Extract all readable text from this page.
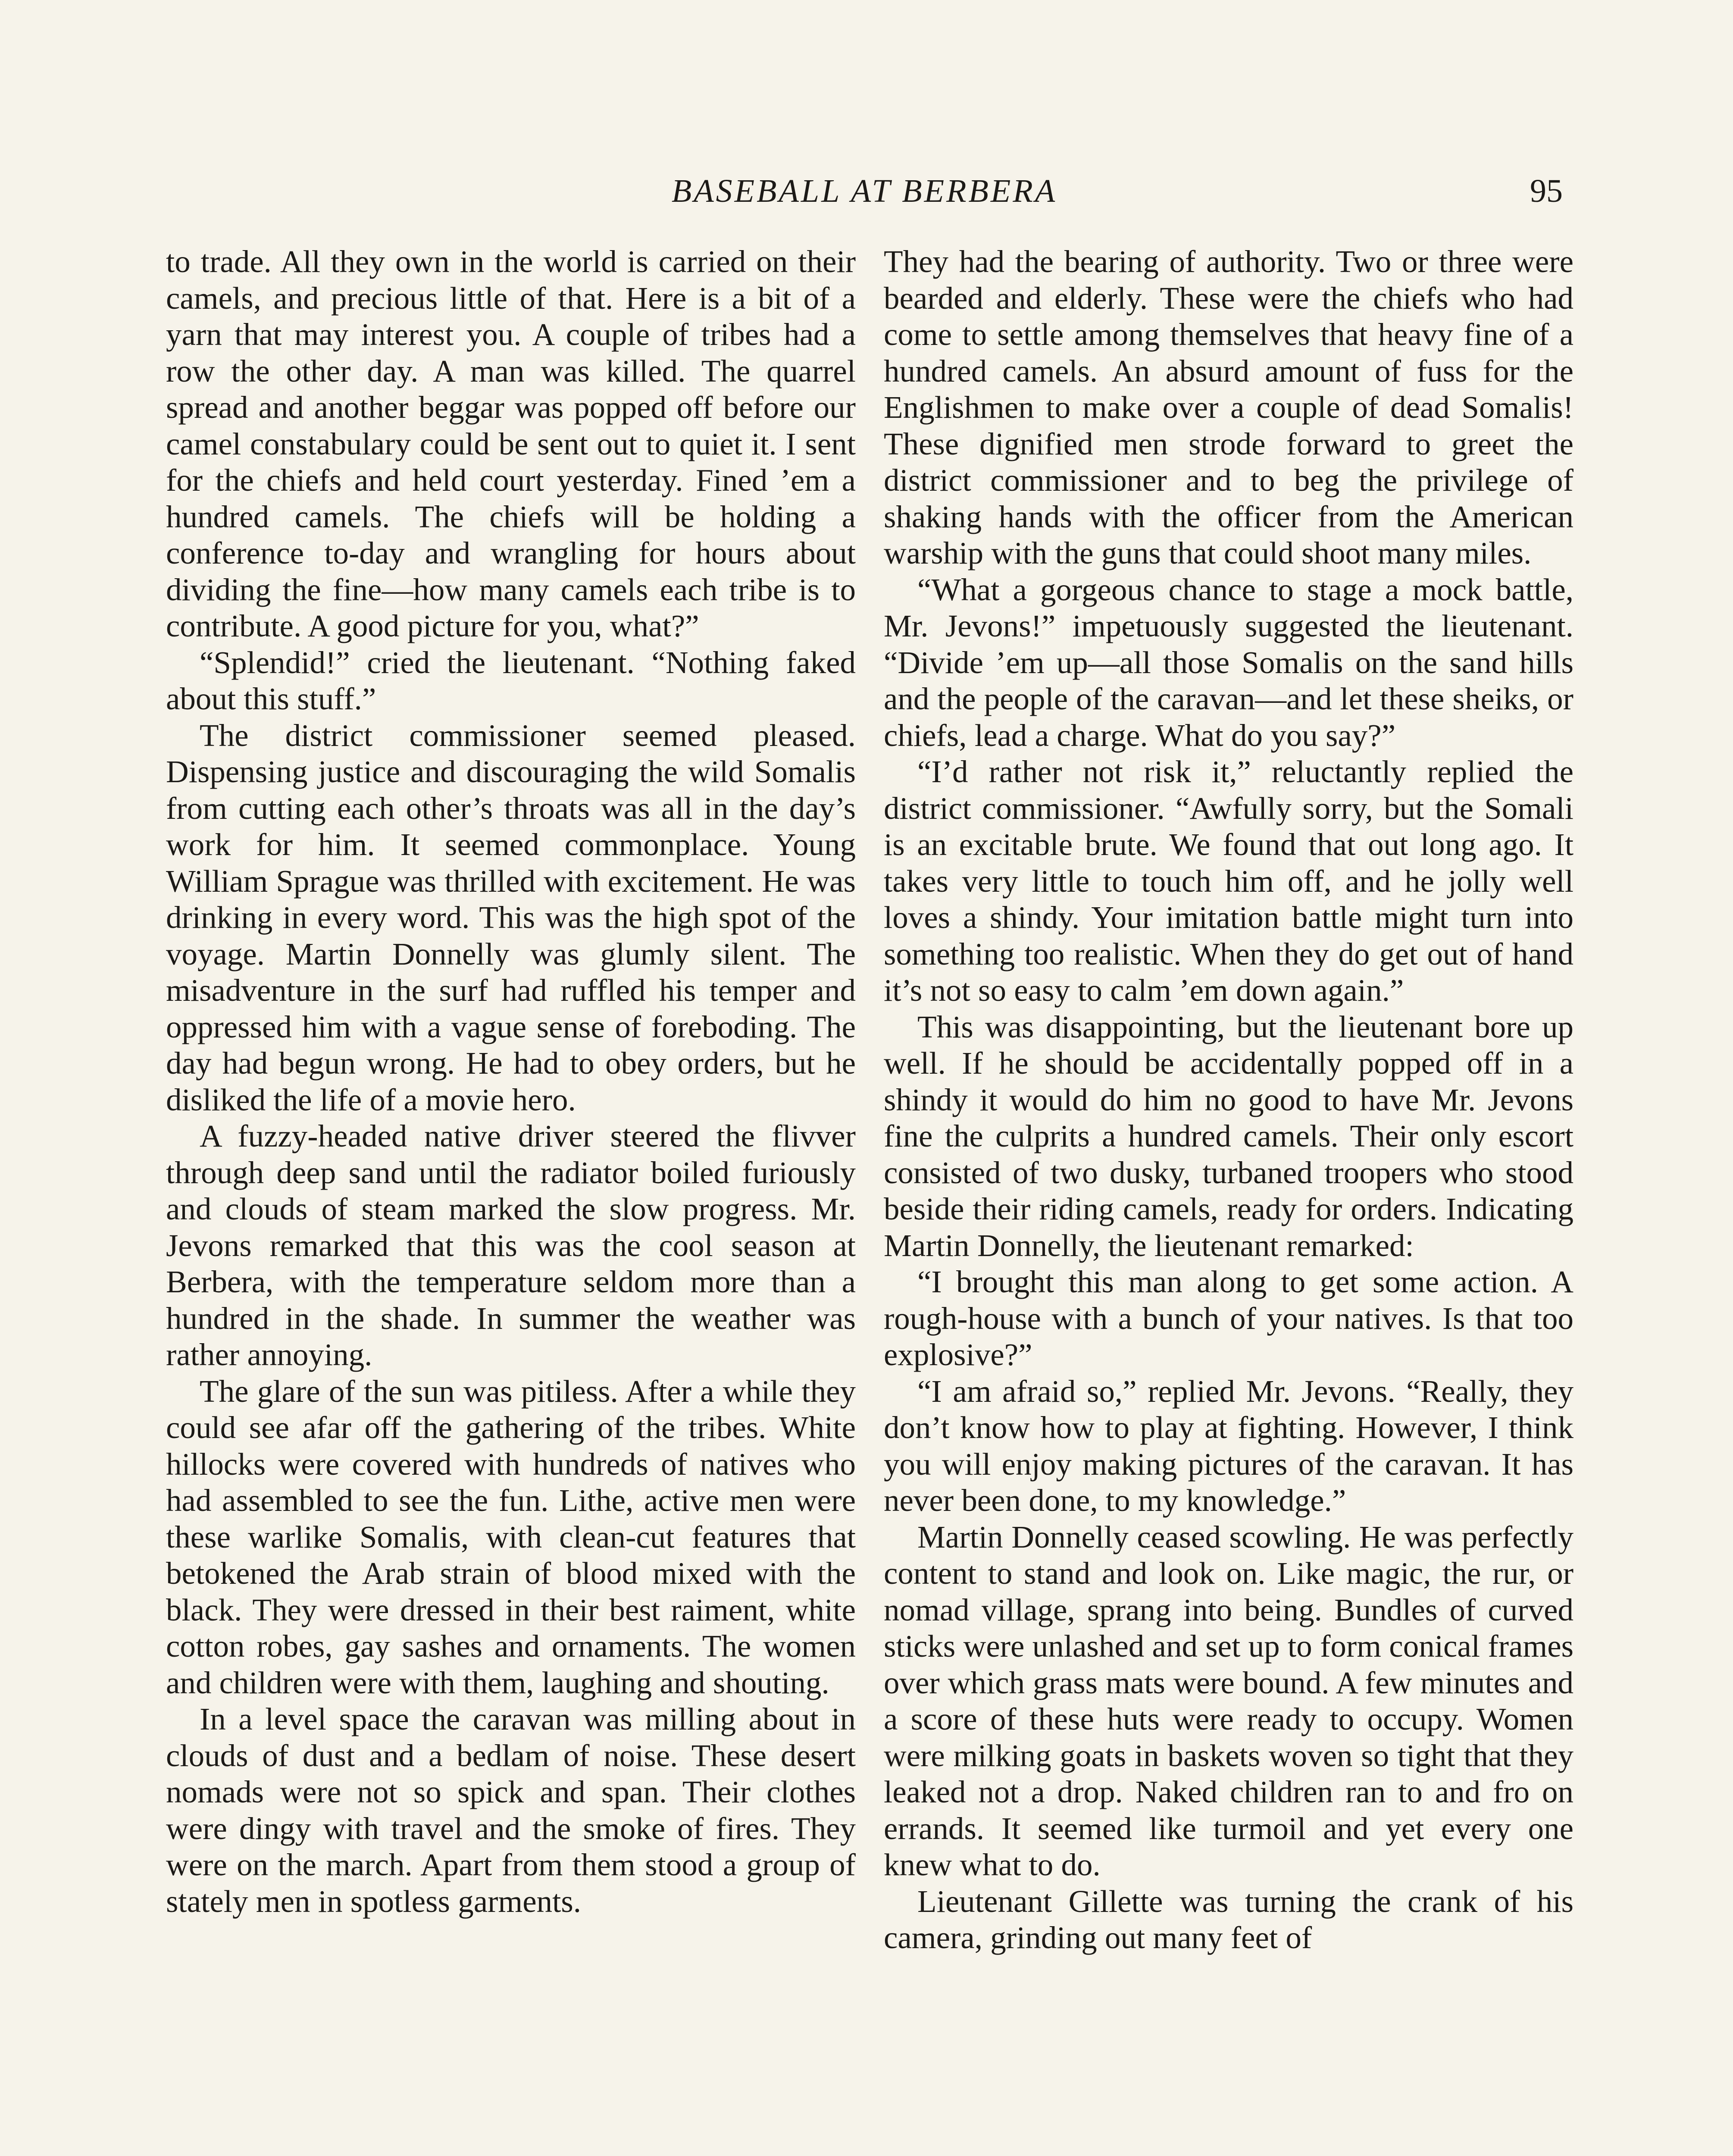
BASEBALL AT BERBERA	95

to trade. All they own in the world is carried on their camels, and precious little of that. Here is a bit of a yarn that may interest you. A couple of tribes had a row the other day. A man was killed. The quarrel spread and another beggar was popped off before our camel constabulary could be sent out to quiet it. I sent for the chiefs and held court yesterday. Fined ’em a hundred camels. The chiefs will be holding a conference to-day and wrangling for hours about dividing the fine—how many camels each tribe is to contribute. A good picture for you, what?”

“Splendid!” cried the lieutenant. “Nothing faked about this stuff.”

The district commissioner seemed pleased. Dispensing justice and discouraging the wild Somalis from cutting each other’s throats was all in the day’s work for him. It seemed commonplace. Young William Sprague was thrilled with excitement. He was drinking in every word. This was the high spot of the voyage. Martin Donnelly was glumly silent. The misadventure in the surf had ruffled his temper and oppressed him with a vague sense of foreboding. The day had begun wrong. He had to obey orders, but he disliked the life of a movie hero.

A fuzzy-headed native driver steered the flivver through deep sand until the radiator boiled furiously and clouds of steam marked the slow progress. Mr. Jevons remarked that this was the cool season at Berbera, with the temperature seldom more than a hundred in the shade. In summer the weather was rather annoying.

The glare of the sun was pitiless. After a while they could see afar off the gathering of the tribes. White hillocks were covered with hundreds of natives who had assembled to see the fun. Lithe, active men were these warlike Somalis, with clean-cut features that betokened the Arab strain of blood mixed with the black. They were dressed in their best raiment, white cotton robes, gay sashes and ornaments. The women and children were with them, laughing and shouting.

In a level space the caravan was milling about in clouds of dust and a bedlam of noise. These desert nomads were not so spick and span. Their clothes were dingy with travel and the smoke of fires. They were on the march. Apart from them stood a group of stately men in spotless garments.

They had the bearing of authority. Two or three were bearded and elderly. These were the chiefs who had come to settle among themselves that heavy fine of a hundred camels. An absurd amount of fuss for the Englishmen to make over a couple of dead Somalis! These dignified men strode forward to greet the district commissioner and to beg the privilege of shaking hands with the officer from the American warship with the guns that could shoot many miles.

“What a gorgeous chance to stage a mock battle, Mr. Jevons!” impetuously suggested the lieutenant. “Divide ’em up—all those Somalis on the sand hills and the people of the caravan—and let these sheiks, or chiefs, lead a charge. What do you say?”

“I’d rather not risk it,” reluctantly replied the district commissioner. “Awfully sorry, but the Somali is an excitable brute. We found that out long ago. It takes very little to touch him off, and he jolly well loves a shindy. Your imitation battle might turn into something too realistic. When they do get out of hand it’s not so easy to calm ’em down again.”

This was disappointing, but the lieutenant bore up well. If he should be accidentally popped off in a shindy it would do him no good to have Mr. Jevons fine the culprits a hundred camels. Their only escort consisted of two dusky, turbaned troopers who stood beside their riding camels, ready for orders. Indicating Martin Donnelly, the lieutenant remarked:

“I brought this man along to get some action. A rough-house with a bunch of your natives. Is that too explosive?”

“I am afraid so,” replied Mr. Jevons. “Really, they don’t know how to play at fighting. However, I think you will enjoy making pictures of the caravan. It has never been done, to my knowledge.”

Martin Donnelly ceased scowling. He was perfectly content to stand and look on. Like magic, the rur, or nomad village, sprang into being. Bundles of curved sticks were unlashed and set up to form conical frames over which grass mats were bound. A few minutes and a score of these huts were ready to occupy. Women were milking goats in baskets woven so tight that they leaked not a drop. Naked children ran to and fro on errands. It seemed like turmoil and yet every one knew what to do.

Lieutenant Gillette was turning the crank of his camera, grinding out many feet of
